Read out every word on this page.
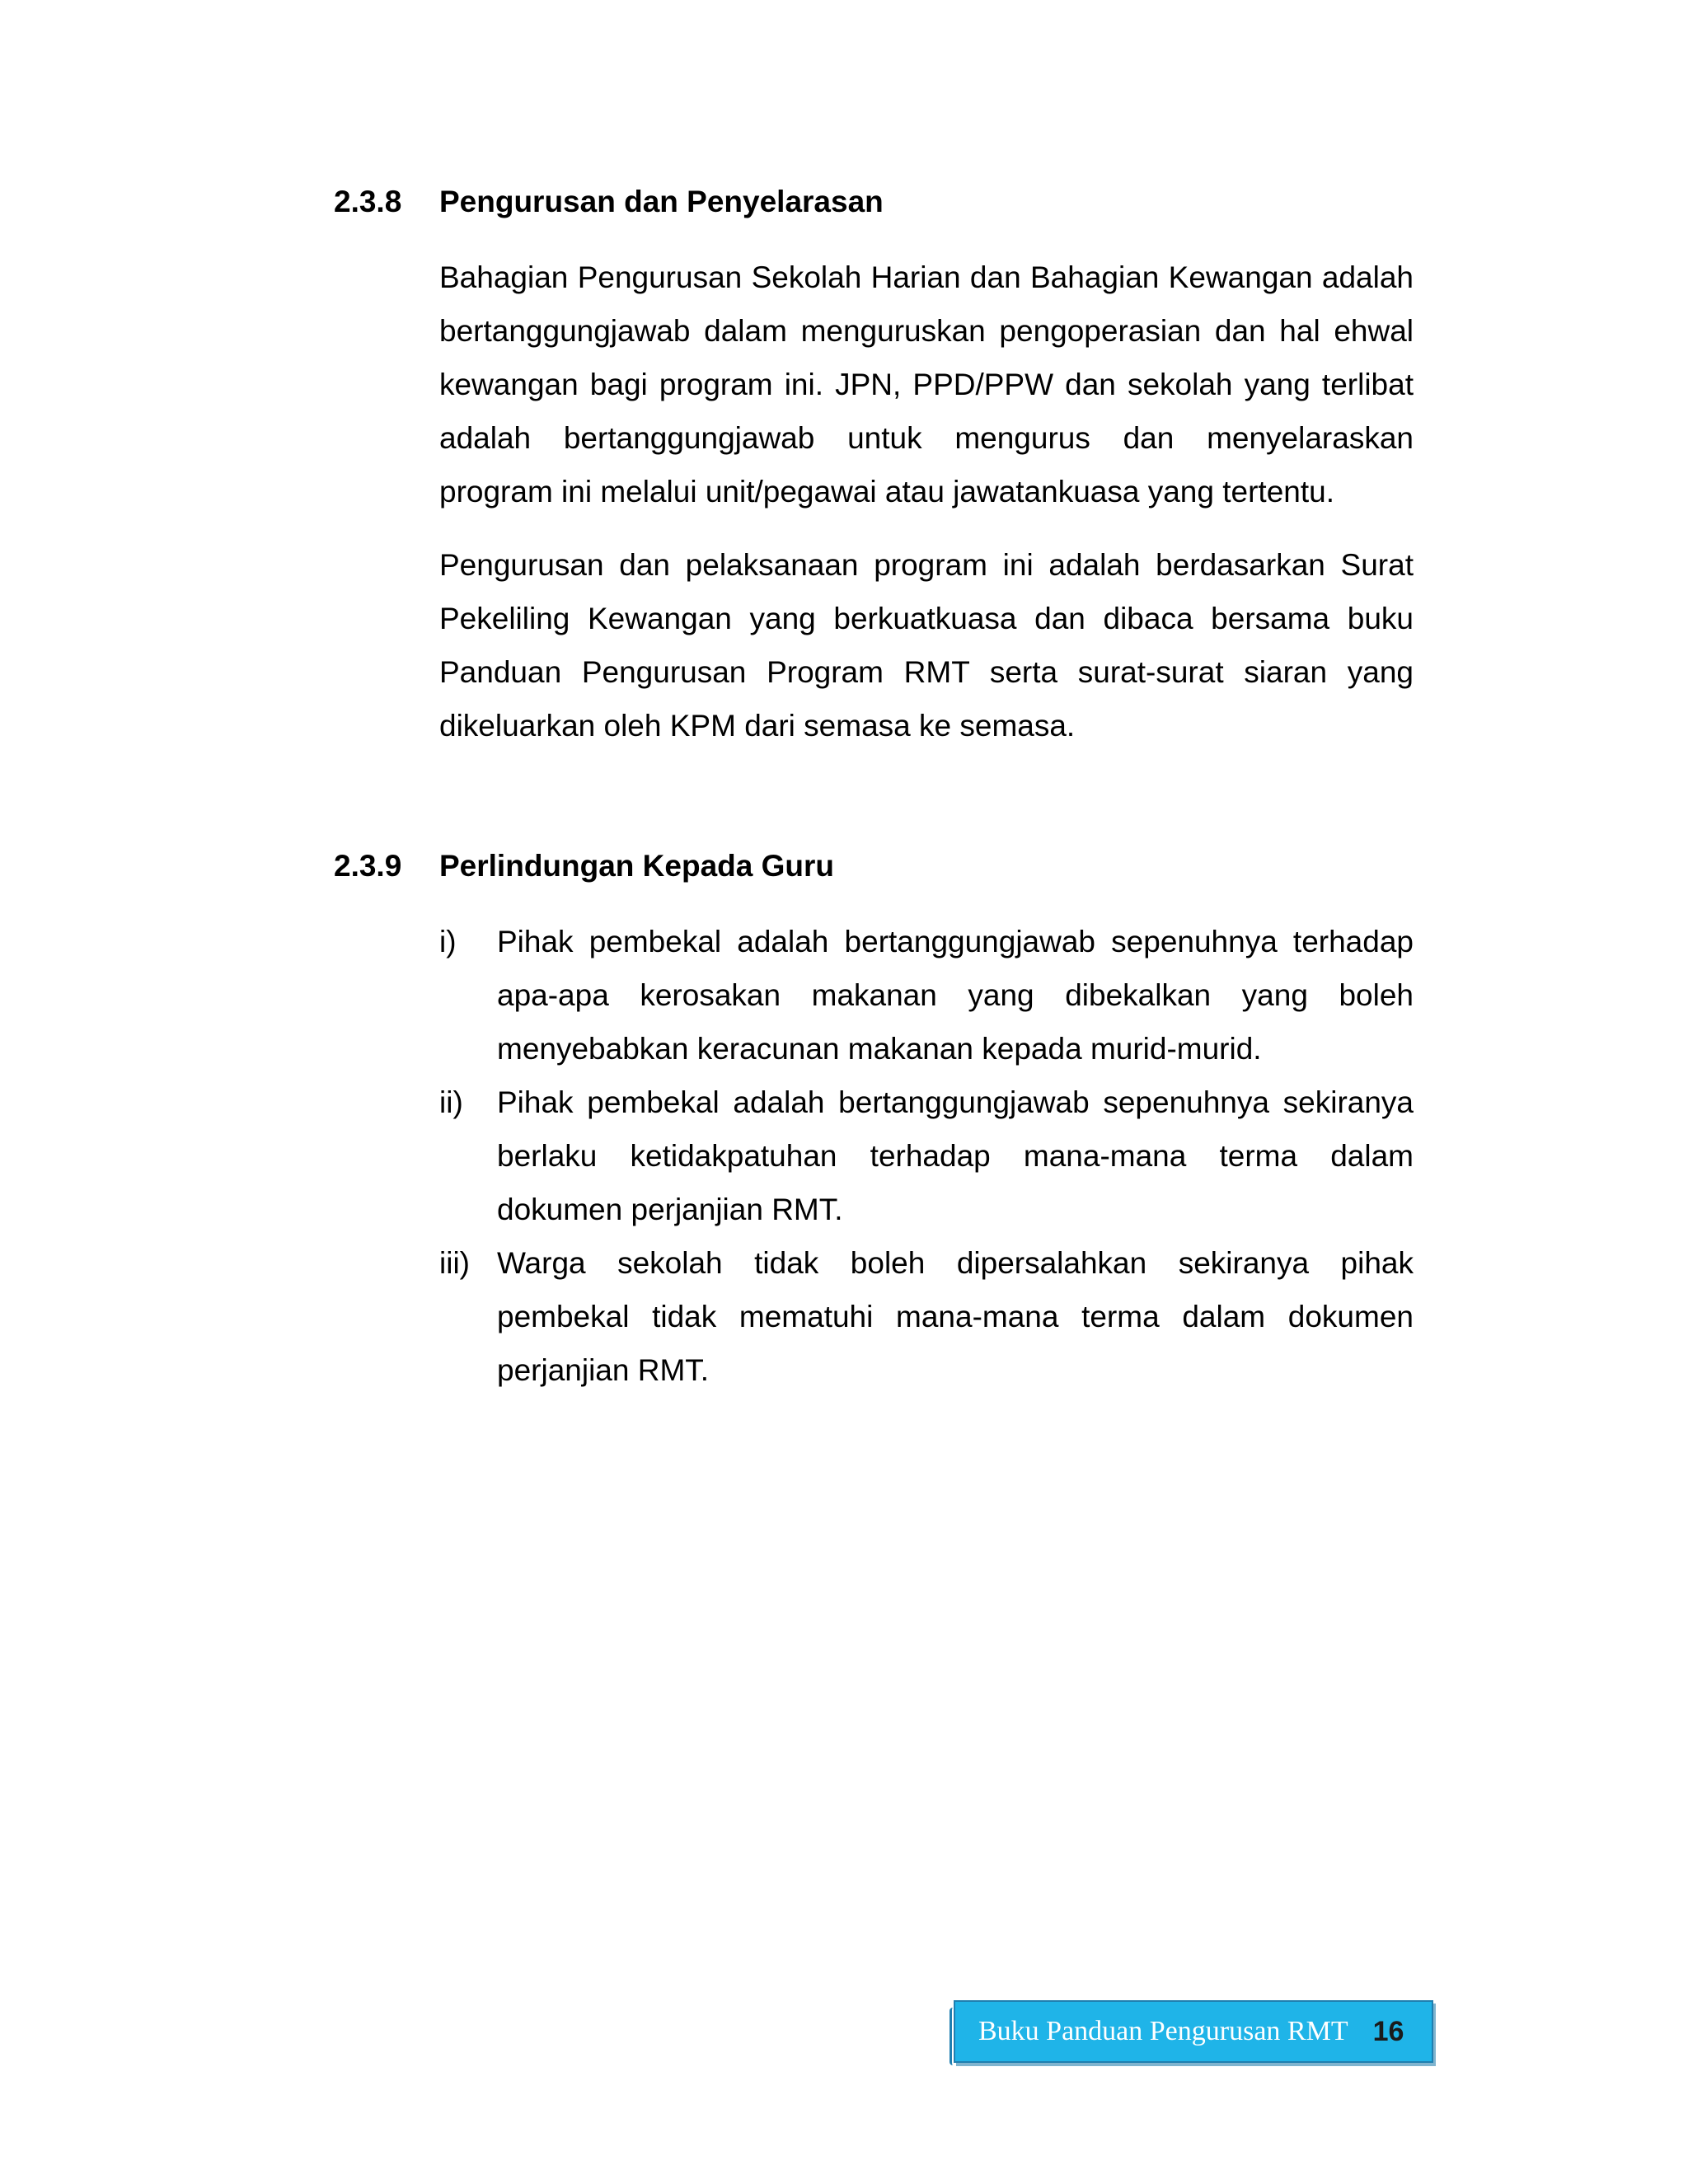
2.3.8	Pengurusan dan Penyelarasan

Bahagian Pengurusan Sekolah Harian dan Bahagian Kewangan adalah bertanggungjawab dalam menguruskan pengoperasian dan hal ehwal kewangan bagi program ini. JPN, PPD/PPW dan sekolah yang terlibat adalah bertanggungjawab untuk mengurus dan menyelaraskan program ini melalui unit/pegawai atau jawatankuasa yang tertentu.

Pengurusan dan pelaksanaan program ini adalah berdasarkan Surat Pekeliling Kewangan yang berkuatkuasa dan dibaca bersama buku Panduan Pengurusan Program RMT serta surat-surat siaran yang dikeluarkan oleh KPM dari semasa ke semasa.

2.3.9	Perlindungan Kepada Guru
i)	Pihak pembekal adalah bertanggungjawab sepenuhnya terhadap apa-apa kerosakan makanan yang dibekalkan yang boleh menyebabkan keracunan makanan kepada murid-murid.
ii)	Pihak pembekal adalah bertanggungjawab sepenuhnya sekiranya berlaku ketidakpatuhan terhadap mana-mana terma dalam dokumen perjanjian RMT.
iii) Warga sekolah tidak boleh dipersalahkan sekiranya pihak pembekal tidak mematuhi mana-mana terma dalam dokumen perjanjian RMT.
Buku Panduan Pengurusan RMT 16
